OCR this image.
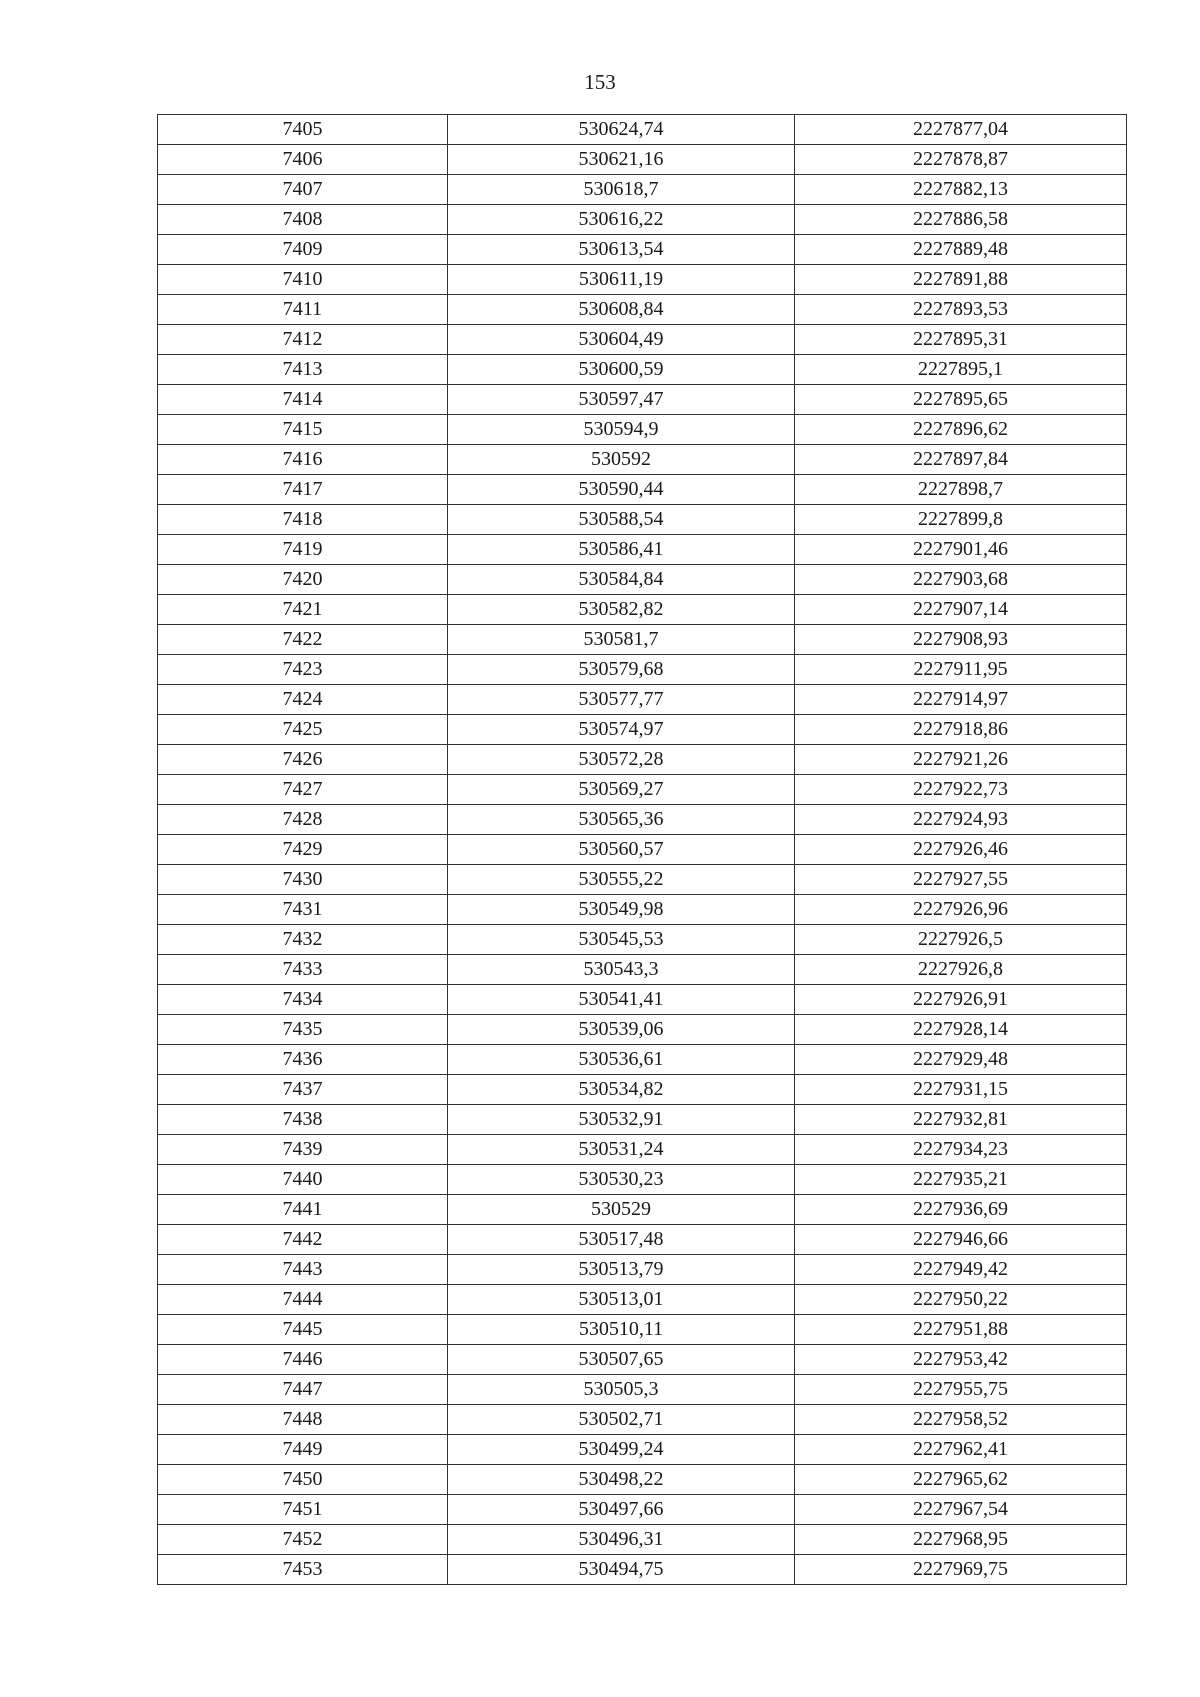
153
7405	530624,74	2227877,04
7406	530621,16	2227878,87
7407	530618,7	2227882,13
7408	530616,22	2227886,58
7409	530613,54	2227889,48
7410	530611,19	2227891,88
7411	530608,84	2227893,53
7412	530604,49	2227895,31
7413	530600,59	2227895,1
7414	530597,47	2227895,65
7415	530594,9	2227896,62
7416	530592	2227897,84
7417	530590,44	2227898,7
7418	530588,54	2227899,8
7419	530586,41	2227901,46
7420	530584,84	2227903,68
7421	530582,82	2227907,14
7422	530581,7	2227908,93
7423	530579,68	2227911,95
7424	530577,77	2227914,97
7425	530574,97	2227918,86
7426	530572,28	2227921,26
7427	530569,27	2227922,73
7428	530565,36	2227924,93
7429	530560,57	2227926,46
7430	530555,22	2227927,55
7431	530549,98	2227926,96
7432	530545,53	2227926,5
7433	530543,3	2227926,8
7434	530541,41	2227926,91
7435	530539,06	2227928,14
7436	530536,61	2227929,48
7437	530534,82	2227931,15
7438	530532,91	2227932,81
7439	530531,24	2227934,23
7440	530530,23	2227935,21
7441	530529	2227936,69
7442	530517,48	2227946,66
7443	530513,79	2227949,42
7444	530513,01	2227950,22
7445	530510,11	2227951,88
7446	530507,65	2227953,42
7447	530505,3	2227955,75
7448	530502,71	2227958,52
7449	530499,24	2227962,41
7450	530498,22	2227965,62
7451	530497,66	2227967,54
7452	530496,31	2227968,95
7453	530494,75	2227969,75
